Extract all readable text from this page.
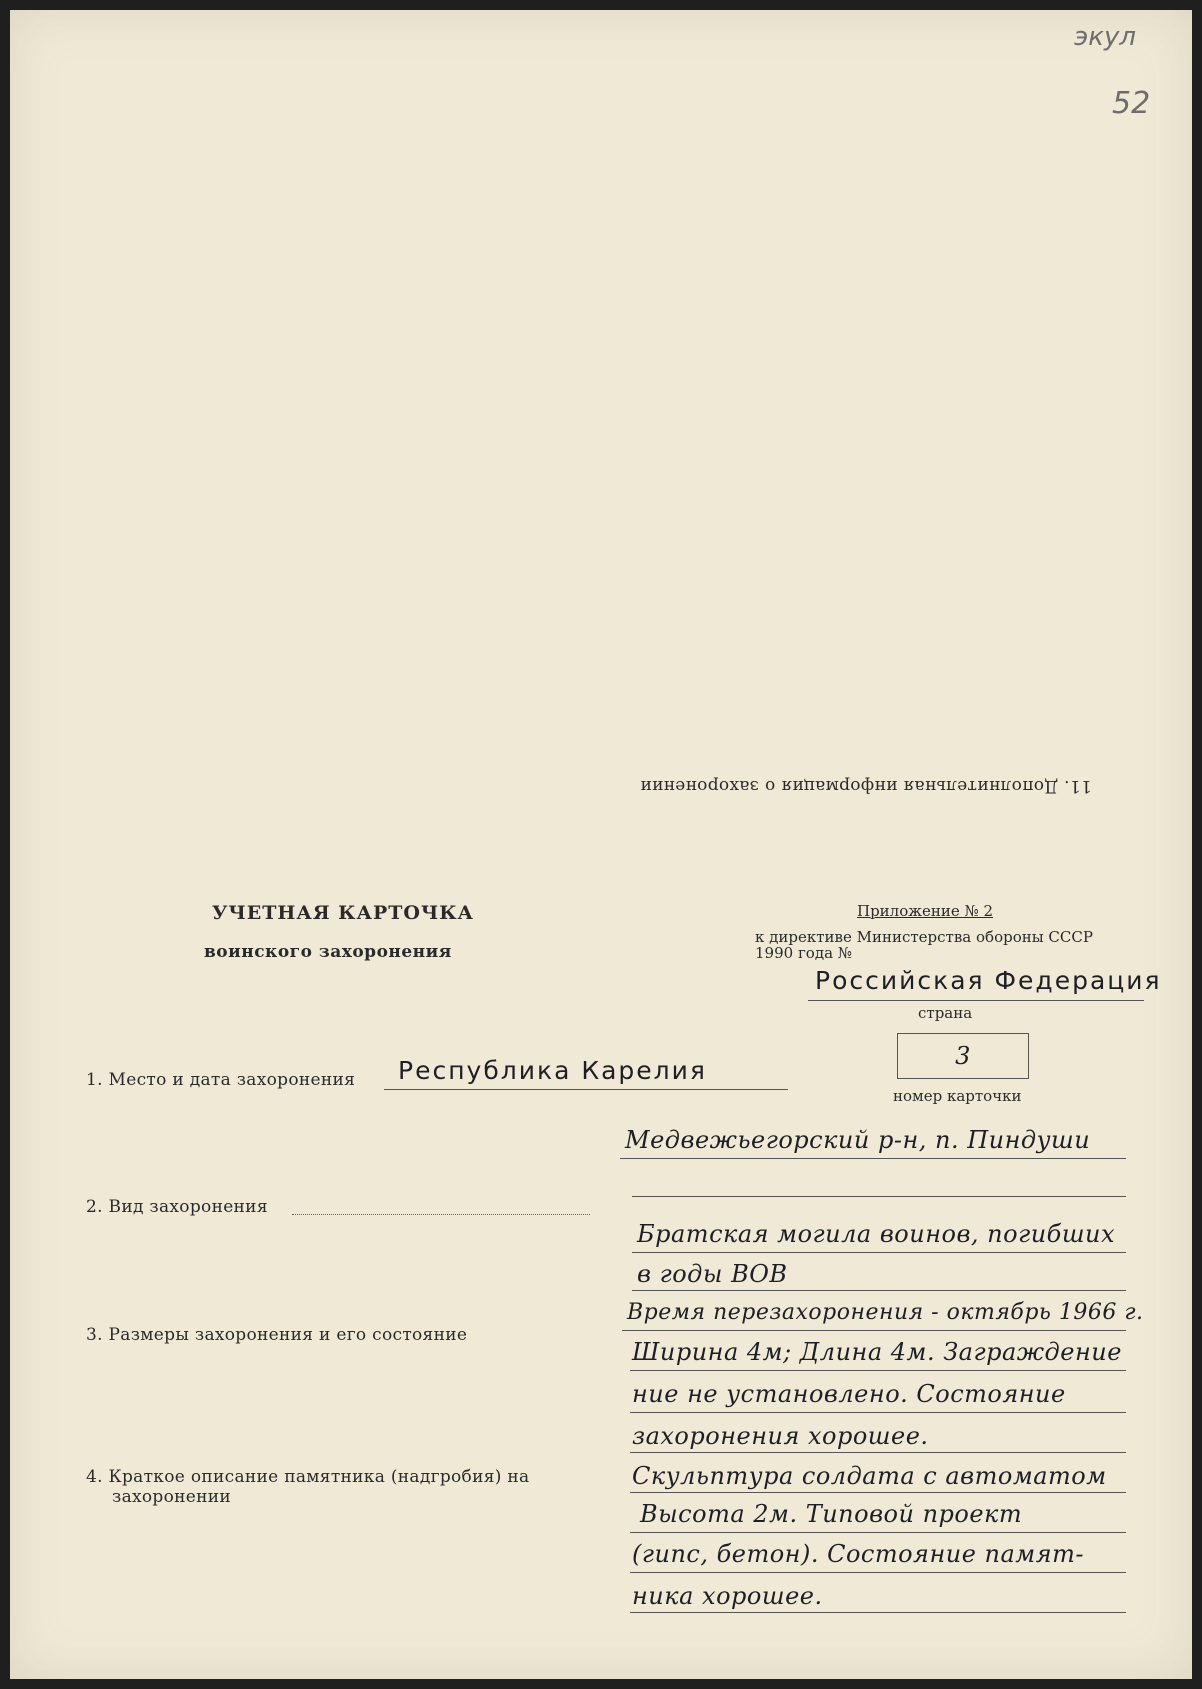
экул
52
11. Дополнительная информация о захоронении
УЧЕТНАЯ КАРТОЧКА
воинского захоронения
Приложение № 2
к директиве Министерства обороны СССР
1990 года №
Российская Федерация
страна
3
номер карточки
1. Место и дата захоронения Республика Карелия
Медвежьегорский р-н, п. Пиндуши
2. Вид захоронения
Братская могила воинов, погибших
в годы ВОВ
3. Размеры захоронения и его состояние
Время перезахоронения - октябрь 1966 г.
Ширина 4м; Длина 4м. Заграждение
ние не установлено. Состояние
захоронения хорошее.
4. Краткое описание памятника (надгробия) на
захоронении
Скульптура солдата с автоматом
Высота 2м. Типовой проект
(гипс, бетон). Состояние памят-
ника хорошее.
